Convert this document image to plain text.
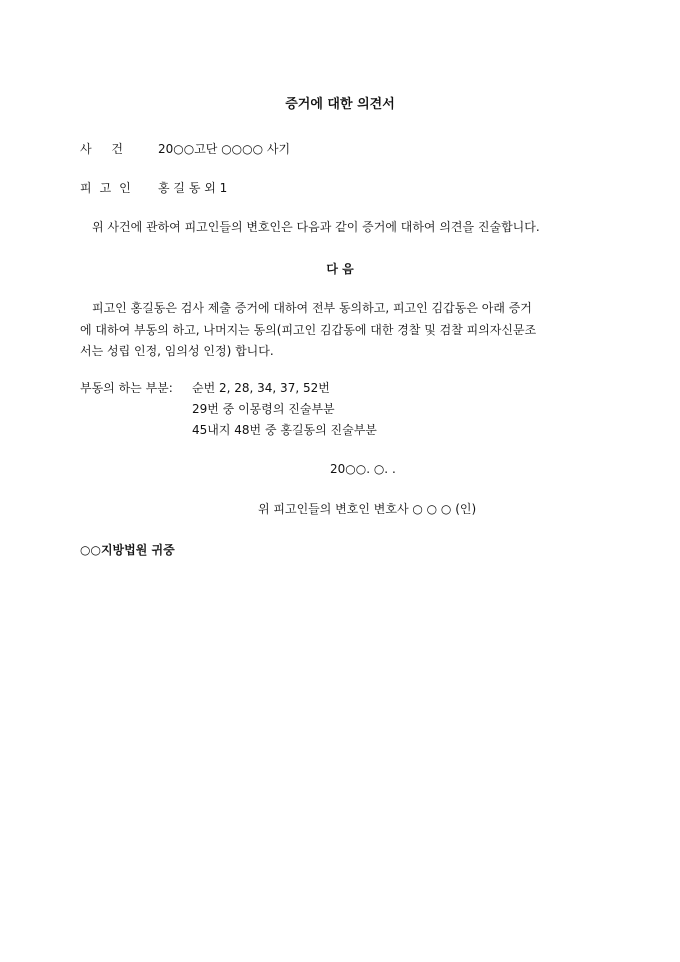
증거에 대한 의견서
사 건	20○○고단 ○○○○ 사기
피고인	홍 길 동 외 1
위 사건에 관하여 피고인들의 변호인은 다음과 같이 증거에 대하여 의견을 진술합니다.
다 음
피고인 홍길동은 검사 제출 증거에 대하여 전부 동의하고, 피고인 김갑동은 아래 증거
에 대하여 부동의 하고, 나머지는 동의(피고인 김갑동에 대한 경찰 및 검찰 피의자신문조
서는 성립 인정, 임의성 인정) 합니다.
부동의 하는 부분: 순번 2, 28, 34, 37, 52번
29번 중 이몽령의 진술부분
45내지 48번 중 홍길동의 진술부분
20○○. ○. .
위 피고인들의 변호인 변호사 ○ ○ ○ (인)
○○지방법원 귀중
